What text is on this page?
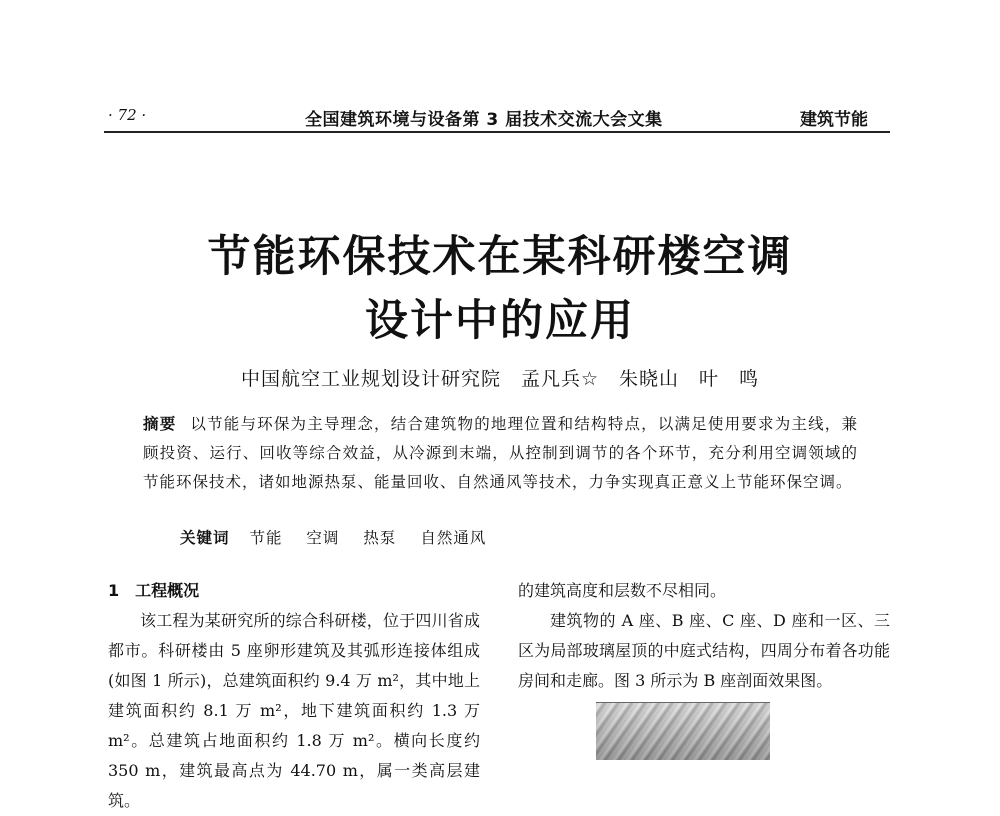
· 72 ·	全国建筑环境与设备第 3 届技术交流大会文集	建筑节能
节能环保技术在某科研楼空调
设计中的应用
中国航空工业规划设计研究院　孟凡兵☆　朱晓山　叶　鸣
摘要 以节能与环保为主导理念，结合建筑物的地理位置和结构特点，以满足使用要求为主线，兼顾投资、运行、回收等综合效益，从冷源到末端，从控制到调节的各个环节，充分利用空调领域的节能环保技术，诸如地源热泵、能量回收、自然通风等技术，力争实现真正意义上节能环保空调。
关键词 节能 空调 热泵 自然通风
1 工程概况
该工程为某研究所的综合科研楼，位于四川省成都市。科研楼由 5 座卵形建筑及其弧形连接体组成(如图 1 所示)，总建筑面积约 9.4 万 m²，其中地上建筑面积约 8.1 万 m²，地下建筑面积约 1.3 万 m²。总建筑占地面积约 1.8 万 m²。横向长度约 350 m，建筑最高点为 44.70 m，属一类高层建筑。
的建筑高度和层数不尽相同。
建筑物的 A 座、B 座、C 座、D 座和一区、三区为局部玻璃屋顶的中庭式结构，四周分布着各功能房间和走廊。图 3 所示为 B 座剖面效果图。
